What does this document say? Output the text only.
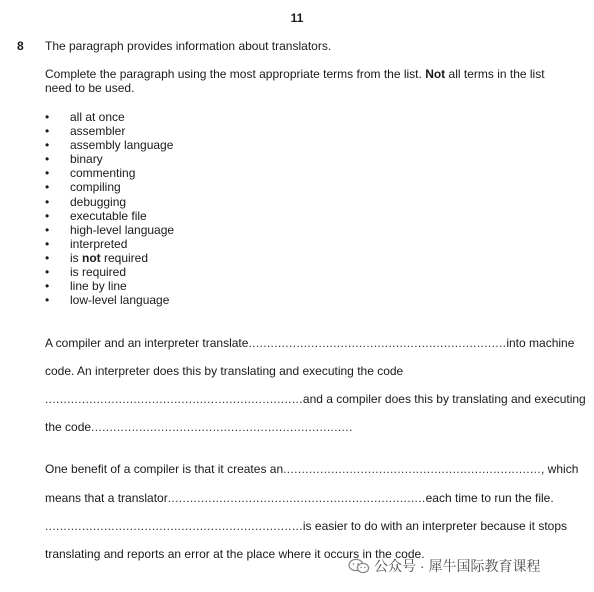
11
8 The paragraph provides information about translators.
Complete the paragraph using the most appropriate terms from the list. Not all terms in the list need to be used.
• all at once
• assembler
• assembly language
• binary
• commenting
• compiling
• debugging
• executable file
• high-level language
• interpreted
• is not required
• is required
• line by line
• low-level language
A compiler and an interpreter translate ...................................................................... into machine
code. An interpreter does this by translating and executing the code
...................................................................... and a compiler does this by translating and executing
the code ...................................................................... .
One benefit of a compiler is that it creates an ...................................................................... , which
means that a translator ...................................................................... each time to run the file.
...................................................................... is easier to do with an interpreter because it stops
translating and reports an error at the place where it occurs in the code.
公众号 · 犀牛国际教育课程
